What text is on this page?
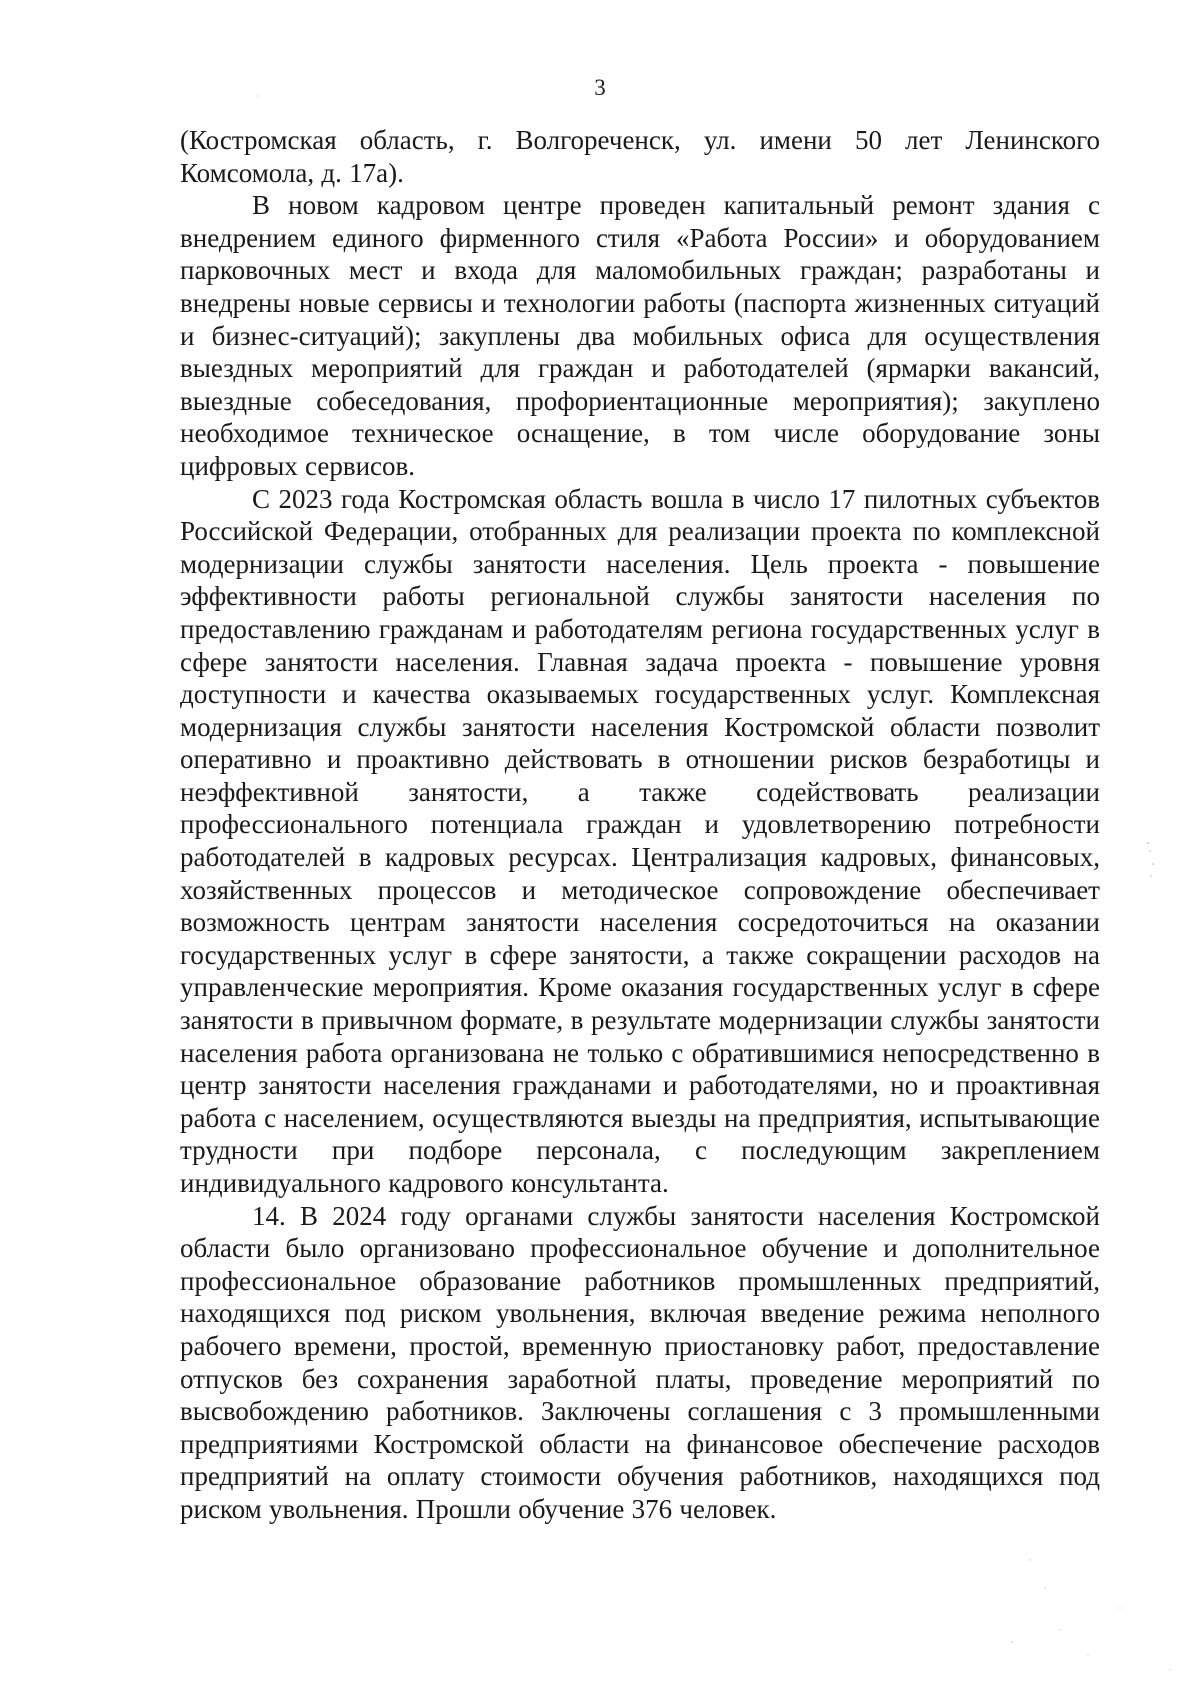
3

(Костромская область, г. Волгореченск, ул. имени 50 лет Ленинского Комсомола, д. 17а).

В новом кадровом центре проведен капитальный ремонт здания с внедрением единого фирменного стиля «Работа России» и оборудованием парковочных мест и входа для маломобильных граждан; разработаны и внедрены новые сервисы и технологии работы (паспорта жизненных ситуаций и бизнес-ситуаций); закуплены два мобильных офиса для осуществления выездных мероприятий для граждан и работодателей (ярмарки вакансий, выездные собеседования, профориентационные мероприятия); закуплено необходимое техническое оснащение, в том числе оборудование зоны цифровых сервисов.

С 2023 года Костромская область вошла в число 17 пилотных субъектов Российской Федерации, отобранных для реализации проекта по комплексной модернизации службы занятости населения. Цель проекта - повышение эффективности работы региональной службы занятости населения по предоставлению гражданам и работодателям региона государственных услуг в сфере занятости населения. Главная задача проекта - повышение уровня доступности и качества оказываемых государственных услуг. Комплексная модернизация службы занятости населения Костромской области позволит оперативно и проактивно действовать в отношении рисков безработицы и неэффективной занятости, а также содействовать реализации профессионального потенциала граждан и удовлетворению потребности работодателей в кадровых ресурсах. Централизация кадровых, финансовых, хозяйственных процессов и методическое сопровождение обеспечивает возможность центрам занятости населения сосредоточиться на оказании государственных услуг в сфере занятости, а также сокращении расходов на управленческие мероприятия. Кроме оказания государственных услуг в сфере занятости в привычном формате, в результате модернизации службы занятости населения работа организована не только с обратившимися непосредственно в центр занятости населения гражданами и работодателями, но и проактивная работа с населением, осуществляются выезды на предприятия, испытывающие трудности при подборе персонала, с последующим закреплением индивидуального кадрового консультанта.

14. В 2024 году органами службы занятости населения Костромской области было организовано профессиональное обучение и дополнительное профессиональное образование работников промышленных предприятий, находящихся под риском увольнения, включая введение режима неполного рабочего времени, простой, временную приостановку работ, предоставление отпусков без сохранения заработной платы, проведение мероприятий по высвобождению работников. Заключены соглашения с 3 промышленными предприятиями Костромской области на финансовое обеспечение расходов предприятий на оплату стоимости обучения работников, находящихся под риском увольнения. Прошли обучение 376 человек.
